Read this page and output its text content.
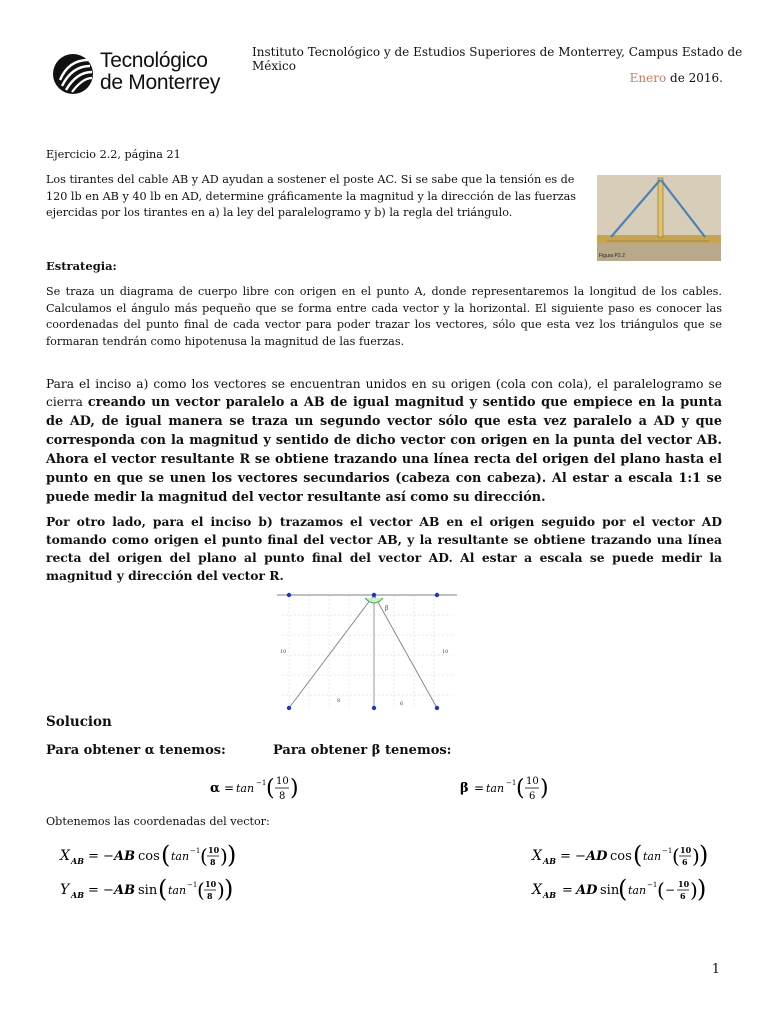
Tecnológico
de Monterrey
Instituto Tecnológico y de Estudios Superiores de Monterrey, Campus Estado de México
Enero de 2016.
Ejercicio 2.2, página 21
Los tirantes del cable AB y AD ayudan a sostener el poste AC. Si se sabe que la tensión es de 120 lb en AB y 40 lb en AD, determine gráficamente la magnitud y la dirección de las fuerzas ejercidas por los tirantes en a) la ley del paralelogramo y b) la regla del triángulo.
Figura P2.2
Estrategia:
Se traza un diagrama de cuerpo libre con origen en el punto A, donde representaremos la longitud de los cables. Calculamos el ángulo más pequeño que se forma entre cada vector y la horizontal. El siguiente paso es conocer las coordenadas del punto final de cada vector para poder trazar los vectores, sólo que esta vez los triángulos que se formaran tendrán como hipotenusa la magnitud de las fuerzas.
Para el inciso a) como los vectores se encuentran unidos en su origen (cola con cola), el paralelogramo se cierra creando un vector paralelo a AB de igual magnitud y sentido que empiece en la punta de AD, de igual manera se traza un segundo vector sólo que esta vez paralelo a AD y que corresponda con la magnitud y sentido de dicho vector con origen en la punta del vector AB. Ahora el vector resultante R se obtiene trazando una línea recta del origen del plano hasta el punto en que se unen los vectores secundarios (cabeza con cabeza). Al estar a escala 1:1 se puede medir la magnitud del vector resultante así como su dirección.
Por otro lado, para el inciso b) trazamos el vector AB en el origen seguido por el vector AD tomando como origen el punto final del vector AB, y la resultante se obtiene trazando una línea recta del origen del plano al punto final del vector AD. Al estar a escala se puede medir la magnitud y dirección del vector R.
10	10
8	6
β
Solucion
Para obtener α tenemos:	Para obtener β tenemos:
α = tan −1 ( 10
8 )	β = tan −1 ( 10
6 )
Obtenemos las coordenadas del vector:
X AB = − AB cos ( tan −1 ( 10
8 ) )
Y AB = − AB sin ( tan −1 ( 10
8 ) )
X AB = − AD cos ( tan −1 ( 10
6 ) )
X AB = AD sin
( tan −1 ( − 10
6 ) )
1
